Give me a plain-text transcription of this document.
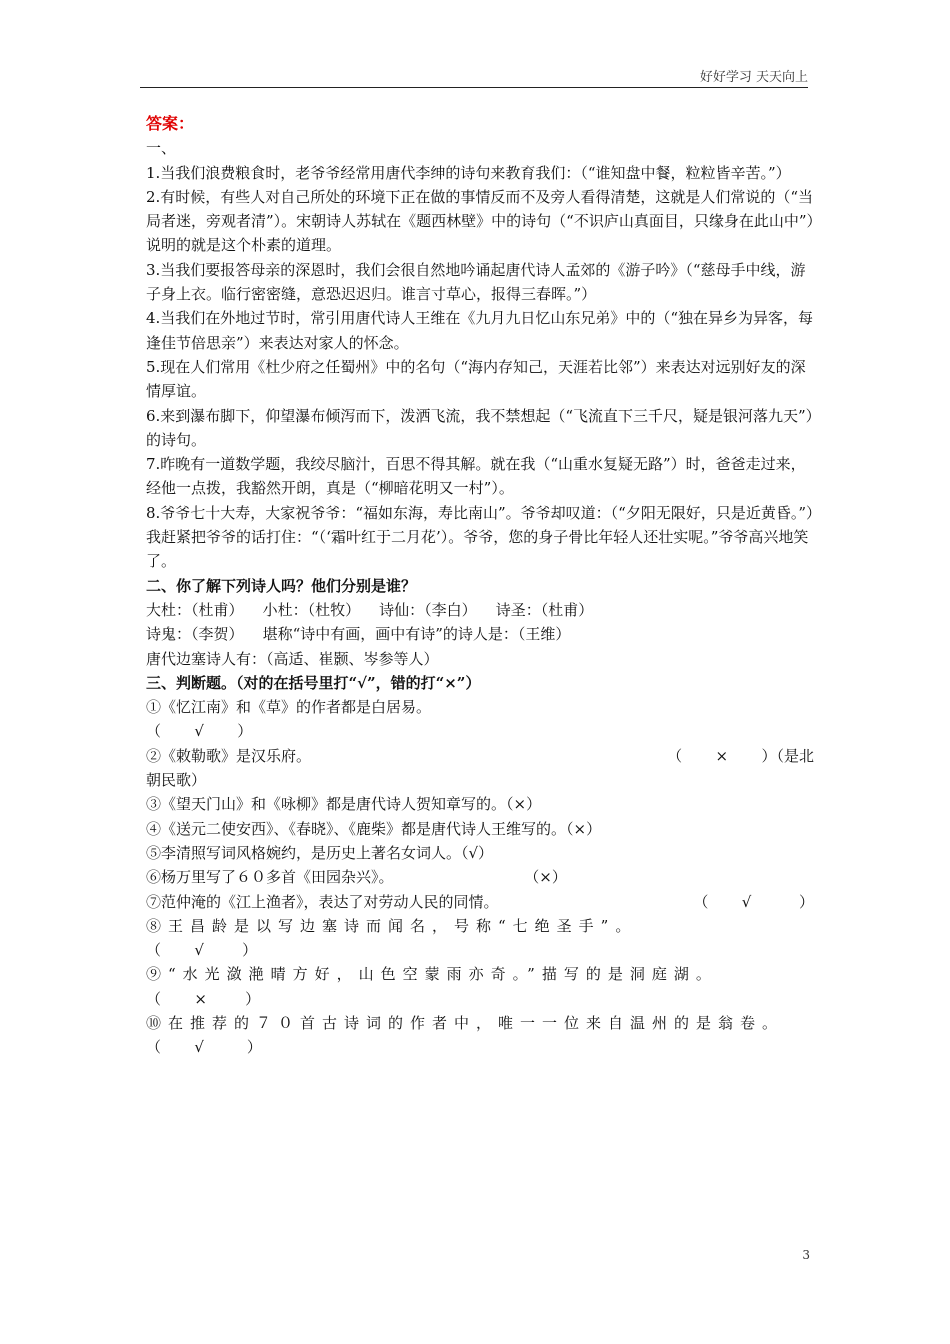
好好学习 天天向上

答案：

一、

1.当我们浪费粮食时，老爷爷经常用唐代李绅的诗句来教育我们：（“谁知盘中餐，粒粒皆辛苦。”）

2.有时候，有些人对自己所处的环境下正在做的事情反而不及旁人看得清楚，这就是人们常说的（“当局者迷，旁观者清”）。宋朝诗人苏轼在《题西林壁》中的诗句（“不识庐山真面目，只缘身在此山中”）说明的就是这个朴素的道理。

3.当我们要报答母亲的深恩时，我们会很自然地吟诵起唐代诗人孟郊的《游子吟》（“慈母手中线，游子身上衣。临行密密缝，意恐迟迟归。谁言寸草心，报得三春晖。”）

4.当我们在外地过节时，常引用唐代诗人王维在《九月九日忆山东兄弟》中的（“独在异乡为异客，每逢佳节倍思亲”）来表达对家人的怀念。

5.现在人们常用《杜少府之任蜀州》中的名句（“海内存知己，天涯若比邻”）来表达对远别好友的深情厚谊。

6.来到瀑布脚下，仰望瀑布倾泻而下，泼洒飞流，我不禁想起（“飞流直下三千尺，疑是银河落九天”）的诗句。

7.昨晚有一道数学题，我绞尽脑汁，百思不得其解。就在我（“山重水复疑无路”）时，爸爸走过来，经他一点拨，我豁然开朗，真是（“柳暗花明又一村”）。

8.爷爷七十大寿，大家祝爷爷：“福如东海，寿比南山”。爷爷却叹道：（“夕阳无限好，只是近黄昏。”）我赶紧把爷爷的话打住：“（‘霜叶红于二月花’）。爷爷，您的身子骨比年轻人还壮实呢。”爷爷高兴地笑了。

二、你了解下列诗人吗？他们分别是谁？

大杜：（杜甫）    小杜：（杜牧）    诗仙：（李白）    诗圣：（杜甫）

诗鬼：（李贺）    堪称“诗中有画，画中有诗”的诗人是：（王维）

唐代边塞诗人有：（高适、崔颢、岑参等人）

三、判断题。（对的在括号里打“√”，错的打“×”）

①《忆江南》和《草》的作者都是白居易。

（       √       ）

②《敕勒歌》是汉乐府。	（       ×       ）（是北

朝民歌）

③《望天门山》和《咏柳》都是唐代诗人贺知章写的。（×）

④《送元二使安西》、《春晓》、《鹿柴》都是唐代诗人王维写的。（×）

⑤李清照写词风格婉约，是历史上著名女词人。（√）

⑥杨万里写了６０多首《田园杂兴》。	（×）

⑦范仲淹的《江上渔者》，表达了对劳动人民的同情。	（       √          ）

⑧王昌龄是以写边塞诗而闻名，号称“七绝圣手”。

（       √        ）

⑨“水光潋滟晴方好，山色空蒙雨亦奇。”描写的是洞庭湖。

（       ×        ）

⑩在推荐的７０首古诗词的作者中，唯一一位来自温州的是翁卷。

（       √         ）

3
